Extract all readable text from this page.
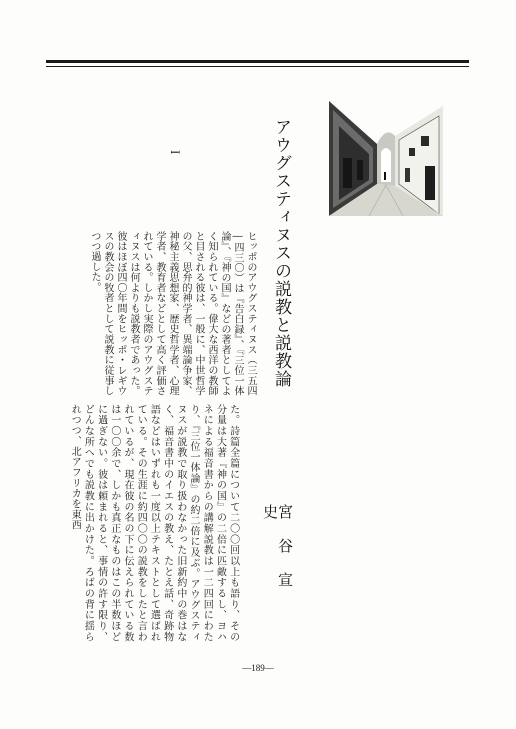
アウグスティヌスの説教と説教論

宮谷宣史

I

ヒッポのアウグスティヌス（三五四―四三〇）は『告白録』、『三位一体論』、『神の国』などの著者としてよく知られている。偉大な西洋の教師と目される彼は、一般に、中世哲学の父、思弁的神学者、異端論争家、神秘主義思想家、歴史哲学者、心理学者、教育者などとして高く評価されている。しかし実際のアウグスティヌスは何よりも説教者であった。彼はほぼ四〇年間をヒッポ・レギウスの教会の牧者として説教に従事しつつ過した。

た。詩篇全篇について二〇〇回以上も語り、その分量は大著『神の国』の二倍に匹敵するし、ヨハネによる福音書からの講解説教は一二四回にわたり、『三位一体論』の約二倍に及ぶ。アウグスティヌスが説教で取り扱わなかった旧新約中の巻はなく、福音書中のイエスの教え、たとえ話、奇跡物語などはいずれも一度以上テキストとして選ばれている。その生涯に約四〇〇の説教をしたと言われているが、現在彼の名の下に伝えられている数は一〇〇余で、しかも真正なものはこの半数ほどに過ぎない。彼は頼まれると、事情の許す限り、どんな所へでも説教に出かけた。ろばの背に揺られつつ、北アフリカを東西

—189—
